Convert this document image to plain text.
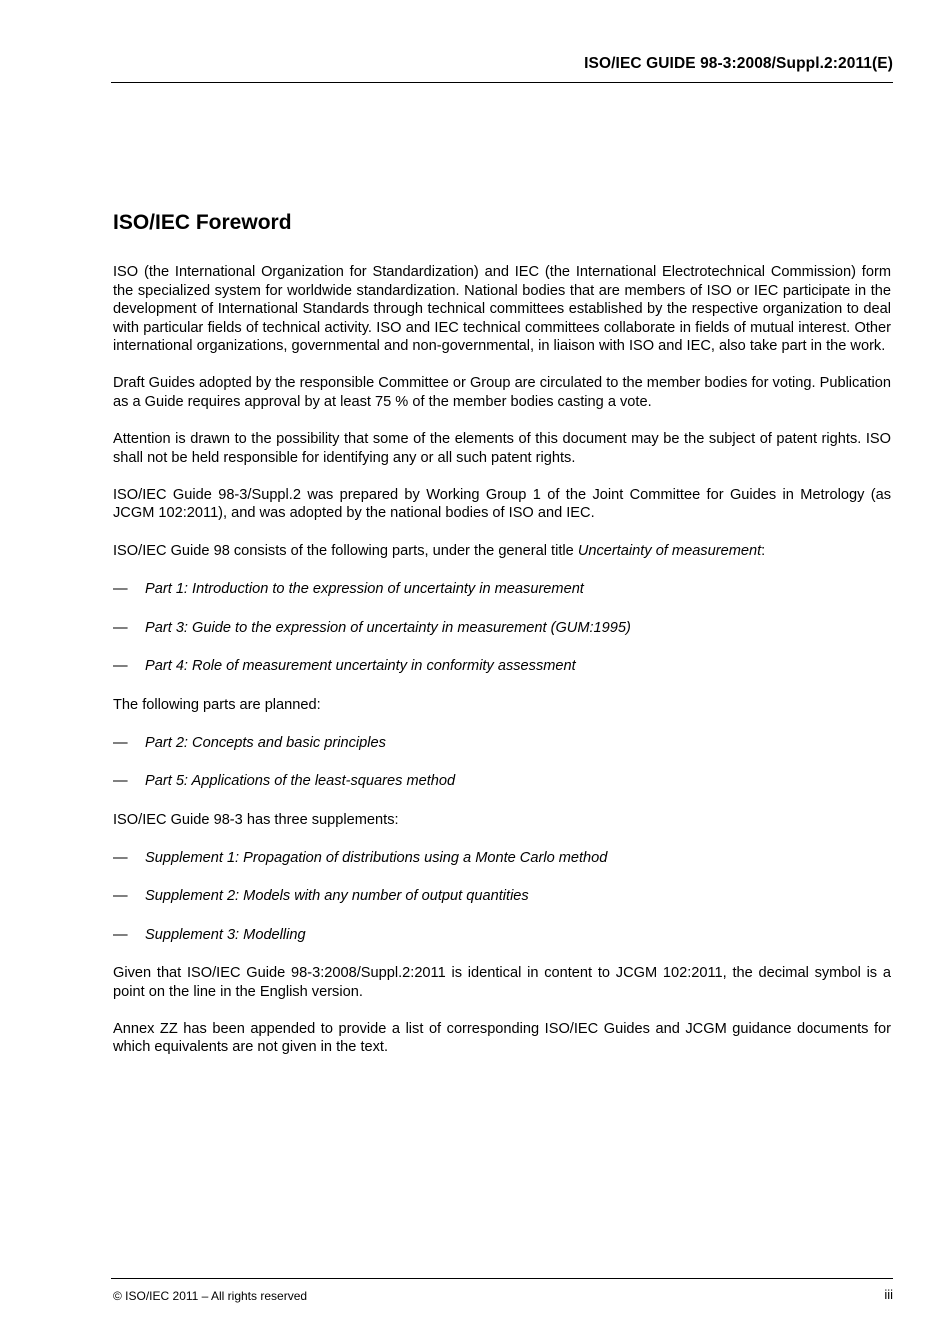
ISO/IEC GUIDE 98-3:2008/Suppl.2:2011(E)
ISO/IEC Foreword

ISO (the International Organization for Standardization) and IEC (the International Electrotechnical Commission) form the specialized system for worldwide standardization. National bodies that are members of ISO or IEC participate in the development of International Standards through technical committees established by the respective organization to deal with particular fields of technical activity. ISO and IEC technical committees collaborate in fields of mutual interest. Other international organizations, governmental and non-governmental, in liaison with ISO and IEC, also take part in the work.

Draft Guides adopted by the responsible Committee or Group are circulated to the member bodies for voting. Publication as a Guide requires approval by at least 75 % of the member bodies casting a vote.

Attention is drawn to the possibility that some of the elements of this document may be the subject of patent rights. ISO shall not be held responsible for identifying any or all such patent rights.

ISO/IEC Guide 98-3/Suppl.2 was prepared by Working Group 1 of the Joint Committee for Guides in Metrology (as JCGM 102:2011), and was adopted by the national bodies of ISO and IEC.

ISO/IEC Guide 98 consists of the following parts, under the general title Uncertainty of measurement:

— Part 1: Introduction to the expression of uncertainty in measurement
— Part 3: Guide to the expression of uncertainty in measurement (GUM:1995)
— Part 4: Role of measurement uncertainty in conformity assessment
The following parts are planned:
— Part 2: Concepts and basic principles
— Part 5: Applications of the least-squares method
ISO/IEC Guide 98-3 has three supplements:
— Supplement 1: Propagation of distributions using a Monte Carlo method
— Supplement 2: Models with any number of output quantities
— Supplement 3: Modelling

Given that ISO/IEC Guide 98-3:2008/Suppl.2:2011 is identical in content to JCGM 102:2011, the decimal symbol is a point on the line in the English version.

Annex ZZ has been appended to provide a list of corresponding ISO/IEC Guides and JCGM guidance documents for which equivalents are not given in the text.

© ISO/IEC 2011 – All rights reserved	iii
